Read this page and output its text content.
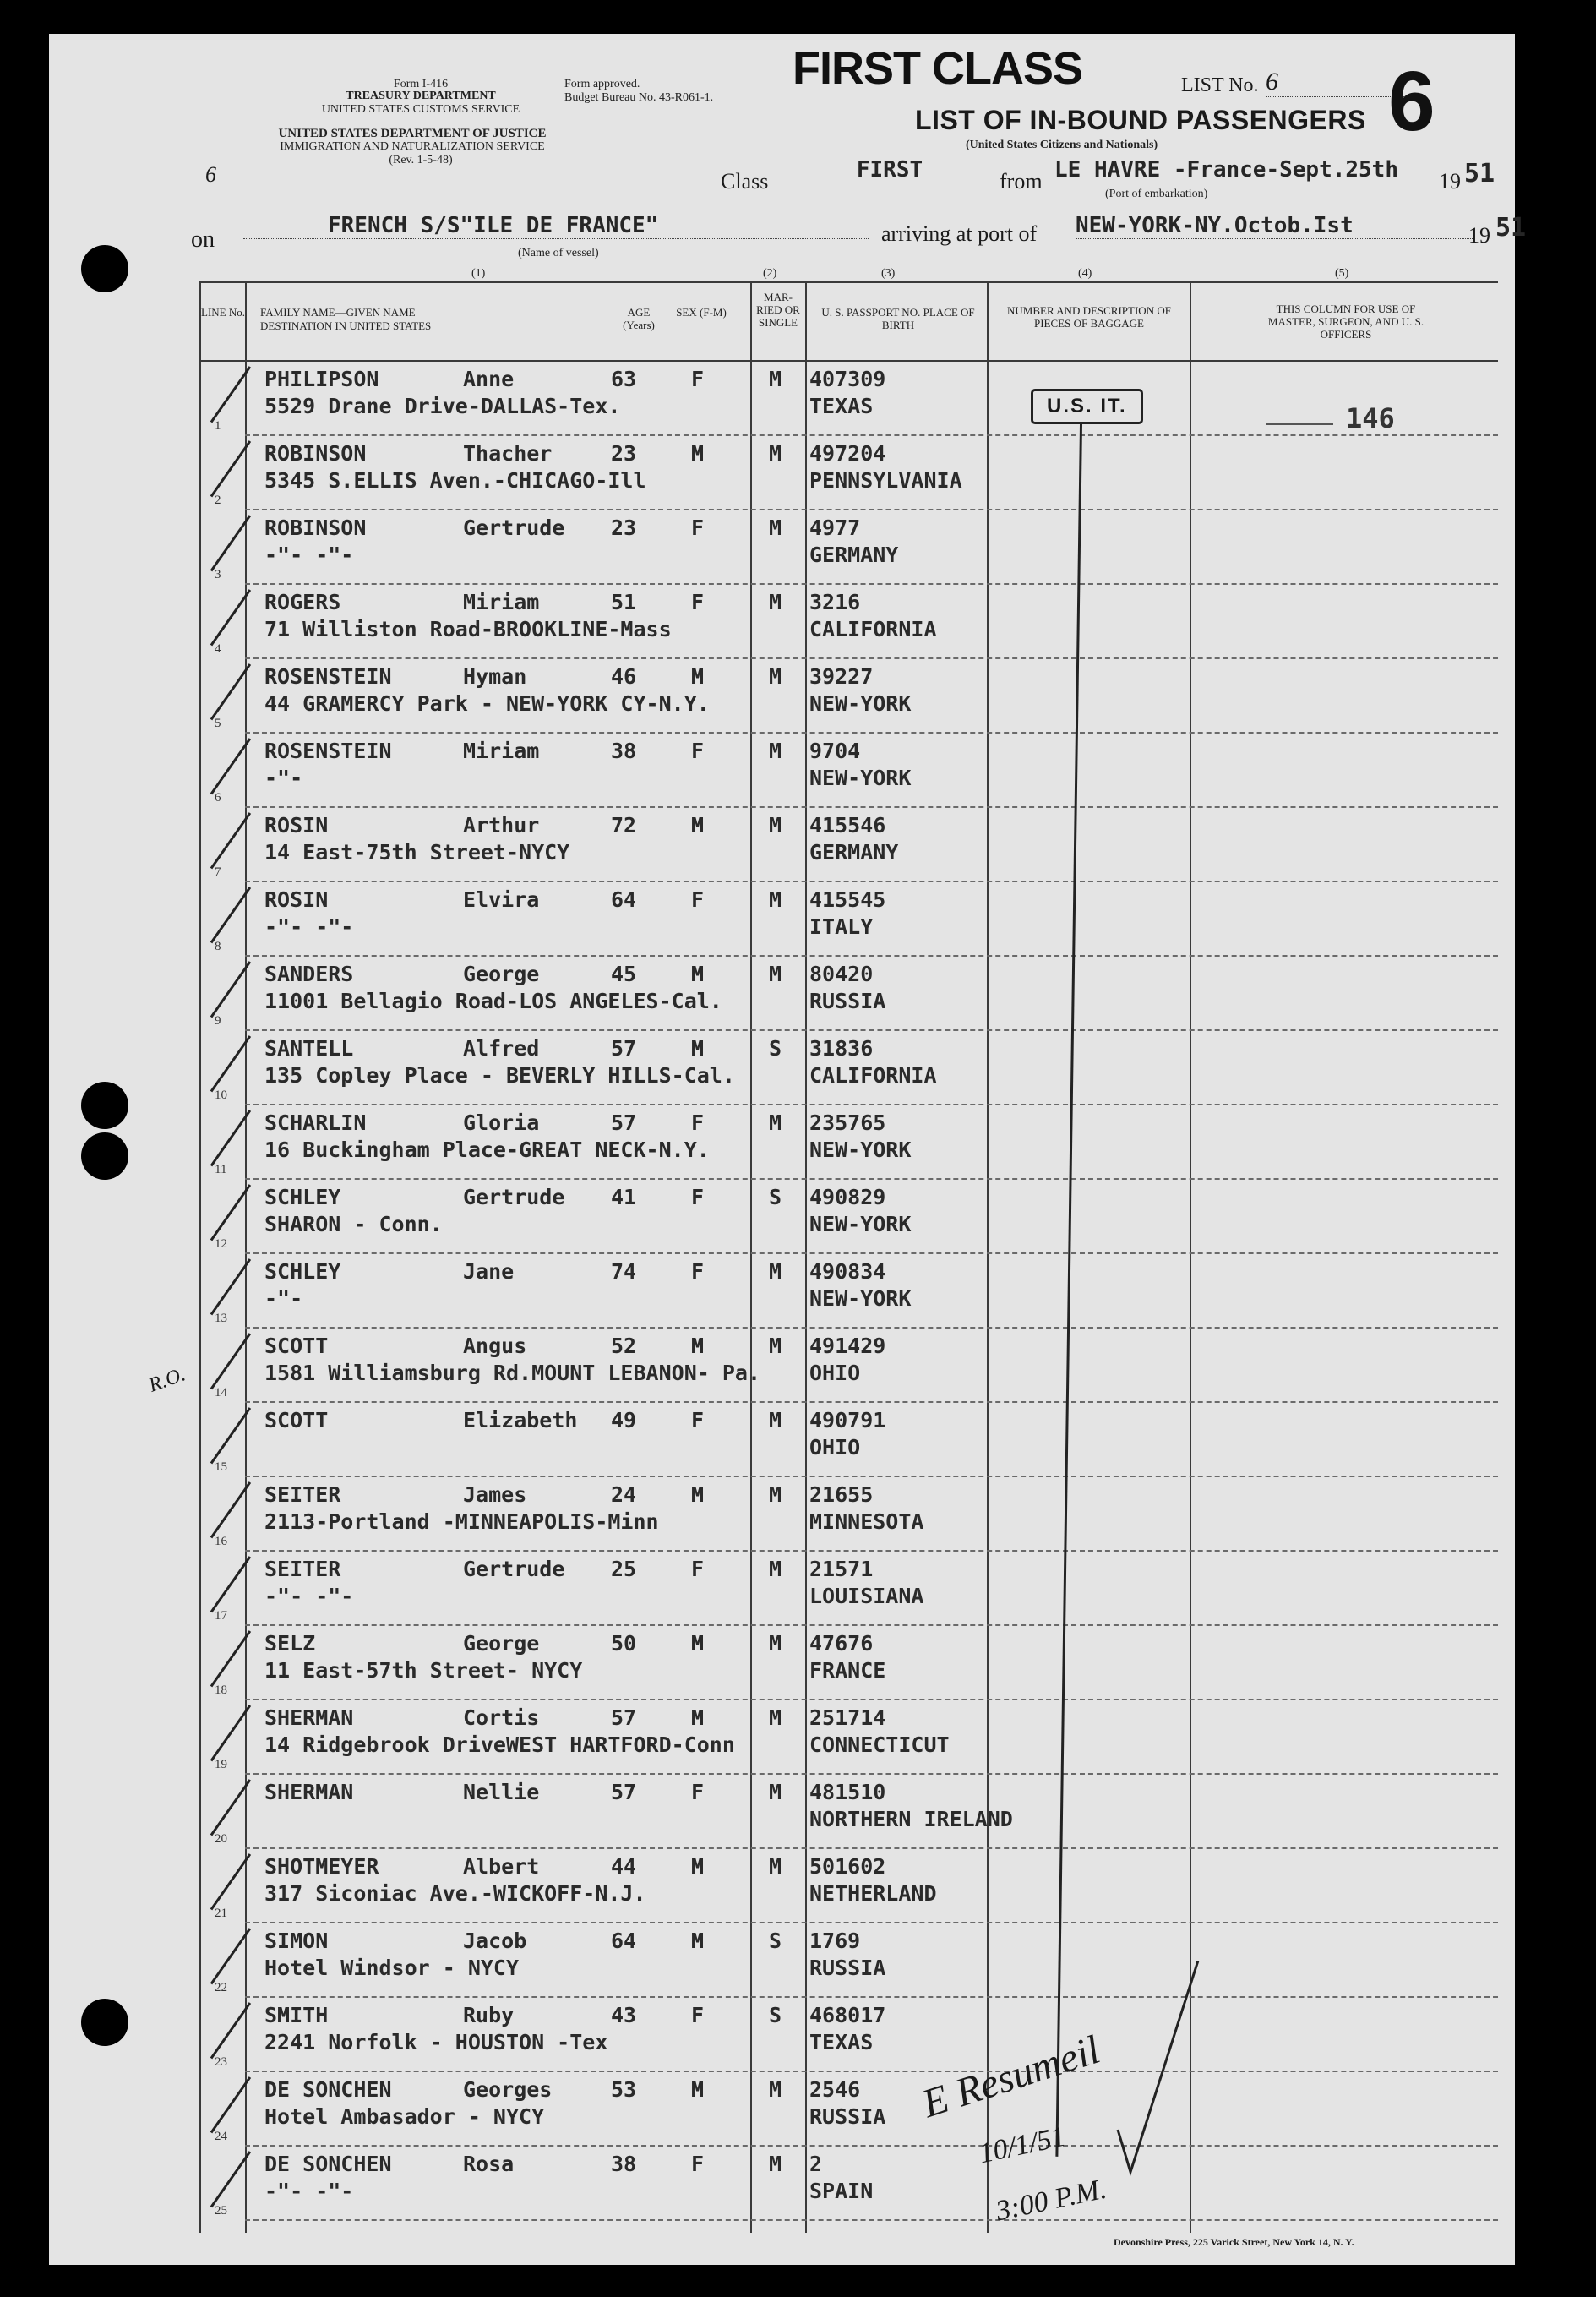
Form I-416
TREASURY DEPARTMENT
UNITED STATES CUSTOMS SERVICE
UNITED STATES DEPARTMENT OF JUSTICE
IMMIGRATION AND NATURALIZATION SERVICE
(Rev. 1-5-48)
Form approved.
Budget Bureau No. 43-R061-1.
FIRST CLASS	LIST No. 6	6
LIST OF IN-BOUND PASSENGERS
(United States Citizens and Nationals)
6	Class	FIRST	from LE HAVRE -France-Sept.25th	19 51
(Port of embarkation)
on
FRENCH S/S"ILE DE FRANCE"
(Name of vessel)
arriving at port of NEW-YORK-NY.Octob.Ist	19 51
(1)	(2)	(3)	(4)	(5)
LINE No. FAMILY NAME—GIVEN NAME
DESTINATION IN UNITED STATES
AGE (Years)
SEX (F-M)
MAR-RIED OR SINGLE
U. S. PASSPORT NO. PLACE OF BIRTH
NUMBER AND DESCRIPTION OF PIECES OF BAGGAGE
THIS COLUMN FOR USE OF MASTER, SURGEON, AND U. S. OFFICERS
PHILIPSON	Anne	63	F	M 407309
5529 Drane Drive-DALLAS-Tex.	TEXAS
1
ROBINSON	Thacher	23	M	M 497204
5345 S.ELLIS Aven.-CHICAGO-Ill	PENNSYLVANIA
2
ROBINSON	Gertrude 23	F	M 4977
-"- -"-	GERMANY
3
ROGERS	Miriam	51	F	M 3216
71 Williston Road-BROOKLINE-Mass	CALIFORNIA
4
ROSENSTEIN	Hyman	46	M	M 39227
44 GRAMERCY Park - NEW-YORK CY-N.Y.	NEW-YORK
5
ROSENSTEIN	Miriam	38	F	M 9704
-"-	NEW-YORK
6
ROSIN	Arthur	72	M	M 415546
14 East-75th Street-NYCY	GERMANY
7
ROSIN	Elvira	64	F	M 415545
-"- -"-	ITALY
8
SANDERS	George	45	M	M 80420
11001 Bellagio Road-LOS ANGELES-Cal.	RUSSIA
9
SANTELL	Alfred	57	M	S 31836
135 Copley Place - BEVERLY HILLS-Cal.	CALIFORNIA
10
SCHARLIN	Gloria	57	F	M 235765
16 Buckingham Place-GREAT NECK-N.Y.	NEW-YORK
11
SCHLEY	Gertrude 41	F	S 490829
SHARON - Conn.	NEW-YORK
12
SCHLEY	Jane	74	F	M 490834
-"-	NEW-YORK
13
SCOTT	Angus	52	M	M 491429
1581 Williamsburg Rd.MOUNT LEBANON- Pa. OHIO
14
SCOTT	Elizabeth 49	F	M 490791
OHIO
15
SEITER	James	24	M	M 21655
2113-Portland -MINNEAPOLIS-Minn	MINNESOTA
16
SEITER	Gertrude 25	F	M 21571
-"- -"-	LOUISIANA
17
SELZ	George	50	M	M 47676
11 East-57th Street- NYCY	FRANCE
18
SHERMAN	Cortis	57	M	M 251714
14 Ridgebrook DriveWEST HARTFORD-Conn	CONNECTICUT
19
SHERMAN	Nellie	57	F	M 481510
NORTHERN IRELAND
20
SHOTMEYER	Albert	44	M	M 501602
317 Siconiac Ave.-WICKOFF-N.J.	NETHERLAND
21
SIMON	Jacob	64	M	S 1769
Hotel Windsor - NYCY	RUSSIA
22
SMITH	Ruby	43	F	S 468017
2241 Norfolk - HOUSTON -Tex	TEXAS
23
DE SONCHEN	Georges	53	M	M 2546
Hotel Ambasador - NYCY	RUSSIA
24
DE SONCHEN	Rosa	38	F	M 2
-"- -"-	SPAIN
25
U.S. IT.	146
R.O.
E Resumeil
10/1/51
3:00 P.M.
Devonshire Press, 225 Varick Street, New York 14, N. Y.
